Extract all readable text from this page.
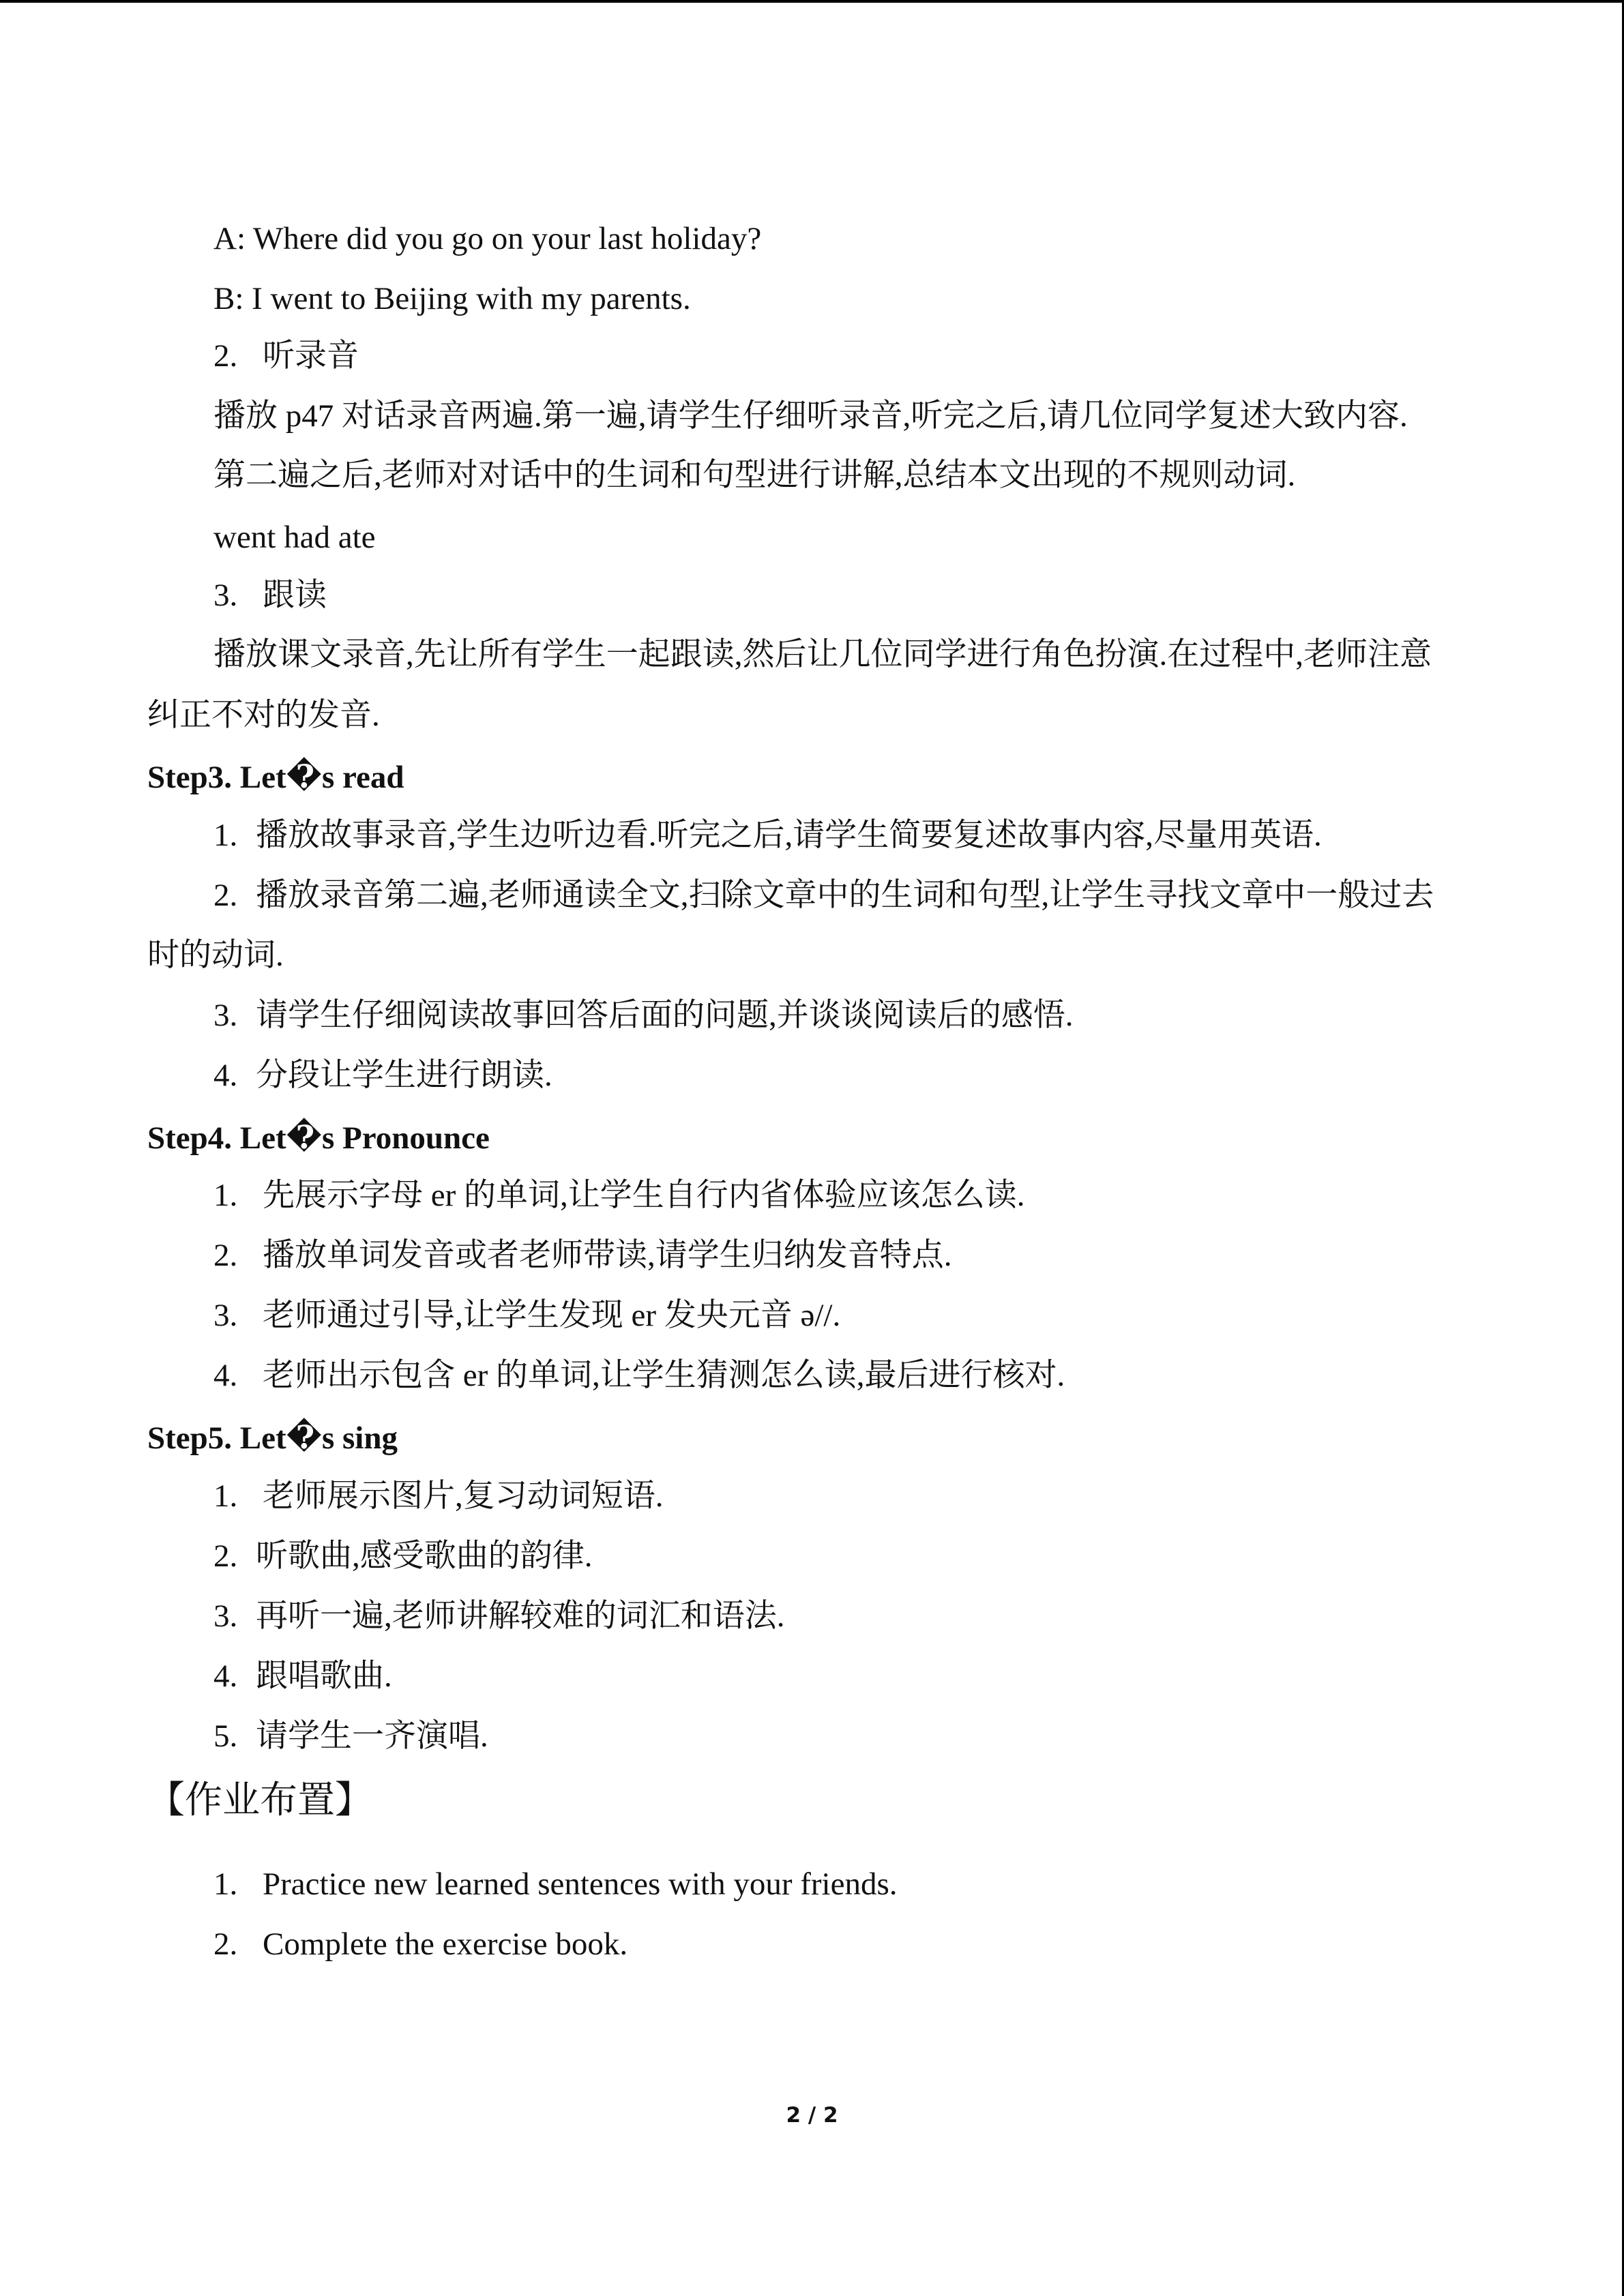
A: Where did you go on your last holiday?
B: I went to Beijing with my parents.
2. 听录音
播放 p47 对话录音两遍.第一遍,请学生仔细听录音,听完之后,请几位同学复述大致内容.
第二遍之后,老师对对话中的生词和句型进行讲解,总结本文出现的不规则动词.
went had ate
3. 跟读
播放课文录音,先让所有学生一起跟读,然后让几位同学进行角色扮演.在过程中,老师注意
纠正不对的发音.
Step3. Let�s read
1. 播放故事录音,学生边听边看.听完之后,请学生简要复述故事内容,尽量用英语.
2. 播放录音第二遍,老师通读全文,扫除文章中的生词和句型,让学生寻找文章中一般过去
时的动词.
3. 请学生仔细阅读故事回答后面的问题,并谈谈阅读后的感悟.
4. 分段让学生进行朗读.
Step4. Let�s Pronounce
1. 先展示字母 er 的单词,让学生自行内省体验应该怎么读.
2. 播放单词发音或者老师带读,请学生归纳发音特点.
3. 老师通过引导,让学生发现 er 发央元音 ə//.
4. 老师出示包含 er 的单词,让学生猜测怎么读,最后进行核对.
Step5. Let�s sing
1. 老师展示图片,复习动词短语.
2. 听歌曲,感受歌曲的韵律.
3. 再听一遍,老师讲解较难的词汇和语法.
4. 跟唱歌曲.
5. 请学生一齐演唱.
【作业布置】
1. Practice new learned sentences with your friends.
2. Complete the exercise book.
2 / 2
